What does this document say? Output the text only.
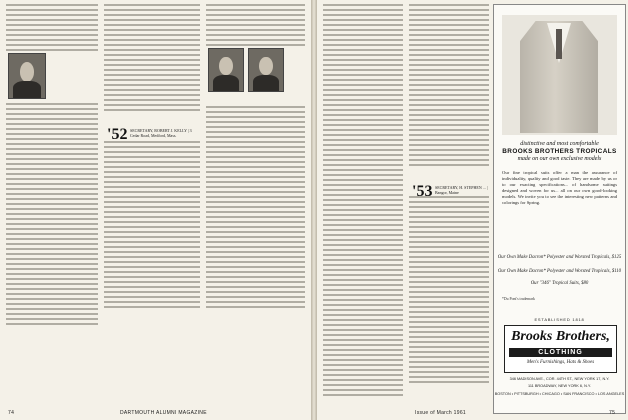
'52 SECRETARY, ROBERT J. KELLY | 3 Cedar Road, Medford, Mass.
74	DARTMOUTH ALUMNI MAGAZINE
'53 SECRETARY, H. STEPHEN ... | Bangor, Maine
distinctive and most comfortable
BROOKS BROTHERS TROPICALS
made on our own exclusive models
Our fine tropical suits offer a man the assurance of individuality, quality and good taste. They are made by us or to our exacting specifications... of handsome suitings designed and woven for us... all on our own good-looking models. We invite you to see the interesting new patterns and colorings for Spring.
Our Own Make Dacron* Polyester and Worsted Tropicals, $125
Our Own Make Dacron* Polyester and Worsted Tropicals, $110
Our "346" Tropical Suits, $80
*Du Pont's trademark
ESTABLISHED 1818
Brooks Brothers,
CLOTHING
Men's Furnishings, Hats & Shoes
346 MADISON AVE., COR. 44TH ST., NEW YORK 17, N.Y.
111 BROADWAY, NEW YORK 6, N.Y.
BOSTON • PITTSBURGH • CHICAGO • SAN FRANCISCO • LOS ANGELES
Issue of March 1961	75
